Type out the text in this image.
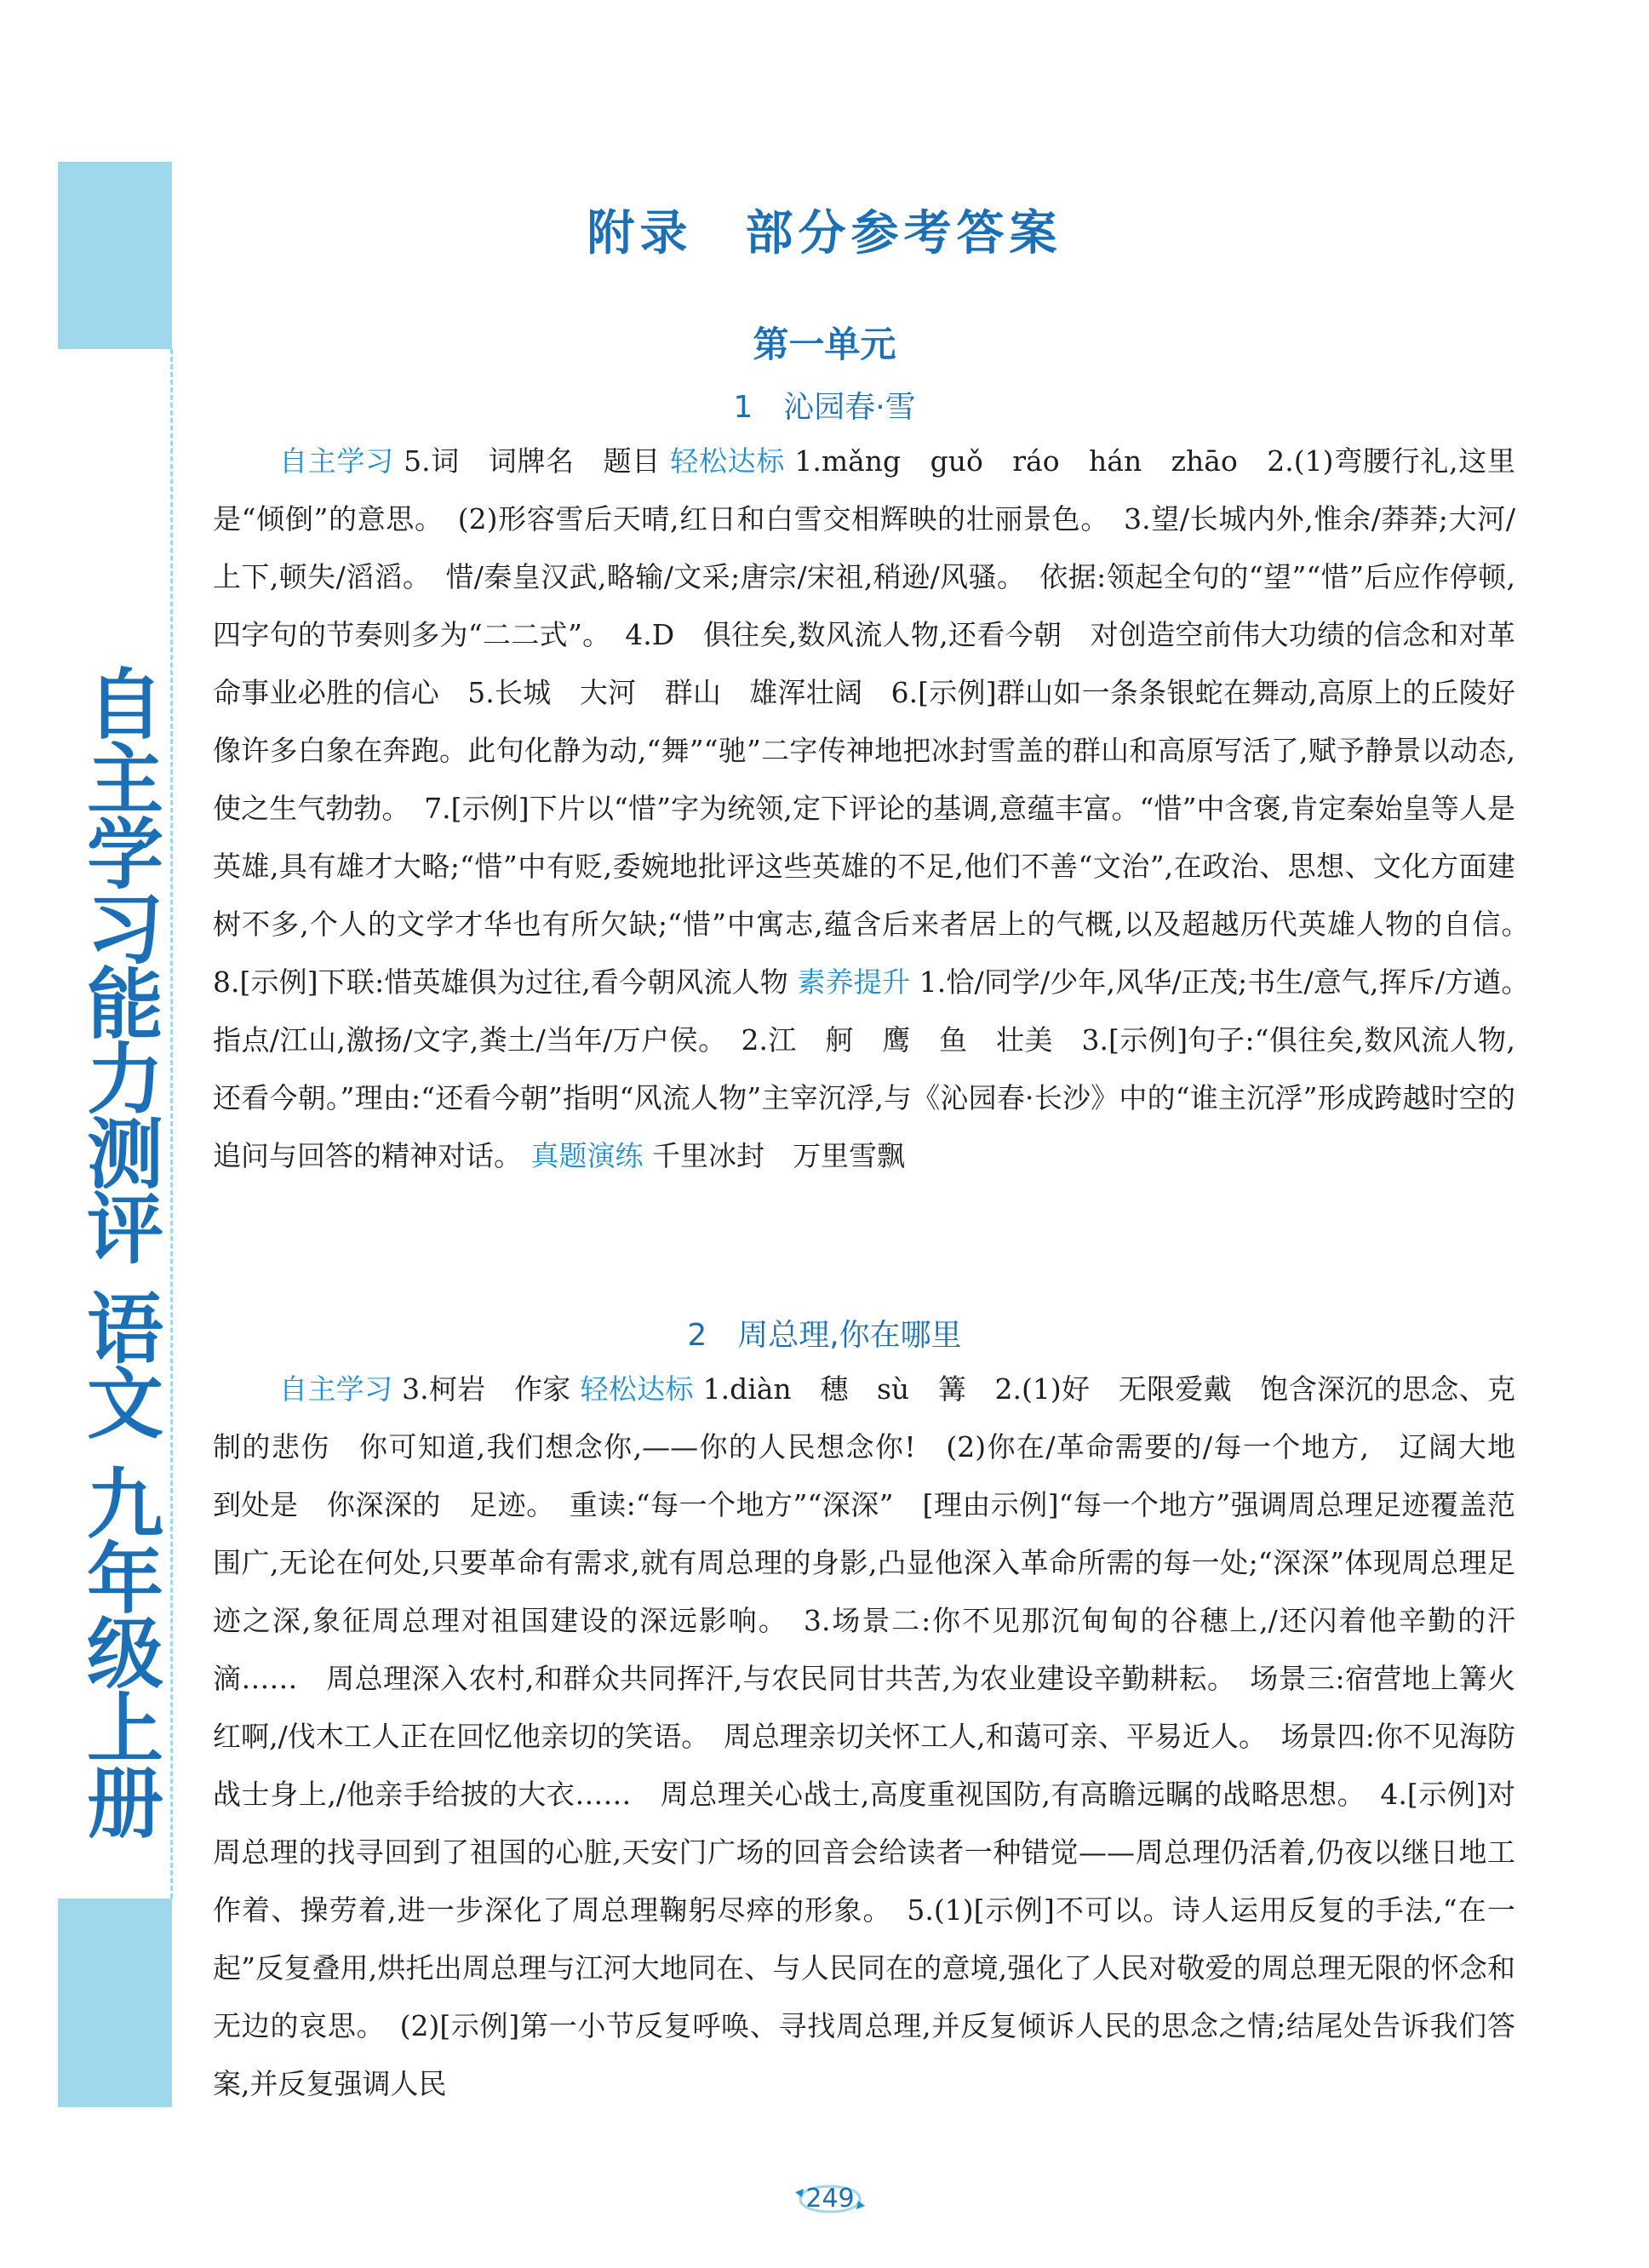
自主学习能力测评 语文 九年级上册
附录　部分参考答案
第一单元
1　沁园春·雪
自主学习 5.词　词牌名　题目 轻松达标 1.mǎng　guǒ　ráo　hán　zhāo　2.(1)弯腰行礼,这里是“倾倒”的意思。　(2)形容雪后天晴,红日和白雪交相辉映的壮丽景色。　3.望/长城内外,惟余/莽莽;大河/上下,顿失/滔滔。　惜/秦皇汉武,略输/文采;唐宗/宋祖,稍逊/风骚。　依据:领起全句的“望”“惜”后应作停顿,四字句的节奏则多为“二二式”。　4.D　俱往矣,数风流人物,还看今朝　对创造空前伟大功绩的信念和对革命事业必胜的信心　5.长城　大河　群山　雄浑壮阔　6.[示例]群山如一条条银蛇在舞动,高原上的丘陵好像许多白象在奔跑。此句化静为动,“舞”“驰”二字传神地把冰封雪盖的群山和高原写活了,赋予静景以动态,使之生气勃勃。　7.[示例]下片以“惜”字为统领,定下评论的基调,意蕴丰富。“惜”中含褒,肯定秦始皇等人是英雄,具有雄才大略;“惜”中有贬,委婉地批评这些英雄的不足,他们不善“文治”,在政治、思想、文化方面建树不多,个人的文学才华也有所欠缺;“惜”中寓志,蕴含后来者居上的气概,以及超越历代英雄人物的自信。　8.[示例]下联:惜英雄俱为过往,看今朝风流人物 素养提升 1.恰/同学/少年,风华/正茂;书生/意气,挥斥/方遒。　指点/江山,激扬/文字,粪土/当年/万户侯。　2.江　舸　鹰　鱼　壮美　3.[示例]句子:“俱往矣,数风流人物,还看今朝。”理由:“还看今朝”指明“风流人物”主宰沉浮,与《沁园春·长沙》中的“谁主沉浮”形成跨越时空的追问与回答的精神对话。 真题演练 千里冰封　万里雪飘
2　周总理,你在哪里
自主学习 3.柯岩　作家 轻松达标 1.diàn　穗　sù　篝　2.(1)好　无限爱戴　饱含深沉的思念、克制的悲伤　你可知道,我们想念你,——你的人民想念你!　(2)你在/革命需要的/每一个地方,　辽阔大地　到处是　你深深的　足迹。　重读:“每一个地方”“深深”　[理由示例]“每一个地方”强调周总理足迹覆盖范围广,无论在何处,只要革命有需求,就有周总理的身影,凸显他深入革命所需的每一处;“深深”体现周总理足迹之深,象征周总理对祖国建设的深远影响。　3.场景二:你不见那沉甸甸的谷穗上,/还闪着他辛勤的汗滴……　周总理深入农村,和群众共同挥汗,与农民同甘共苦,为农业建设辛勤耕耘。　场景三:宿营地上篝火红啊,/伐木工人正在回忆他亲切的笑语。　周总理亲切关怀工人,和蔼可亲、平易近人。　场景四:你不见海防战士身上,/他亲手给披的大衣……　周总理关心战士,高度重视国防,有高瞻远瞩的战略思想。　4.[示例]对周总理的找寻回到了祖国的心脏,天安门广场的回音会给读者一种错觉——周总理仍活着,仍夜以继日地工作着、操劳着,进一步深化了周总理鞠躬尽瘁的形象。　5.(1)[示例]不可以。诗人运用反复的手法,“在一起”反复叠用,烘托出周总理与江河大地同在、与人民同在的意境,强化了人民对敬爱的周总理无限的怀念和无边的哀思。　(2)[示例]第一小节反复呼唤、寻找周总理,并反复倾诉人民的思念之情;结尾处告诉我们答案,并反复强调人民
249
